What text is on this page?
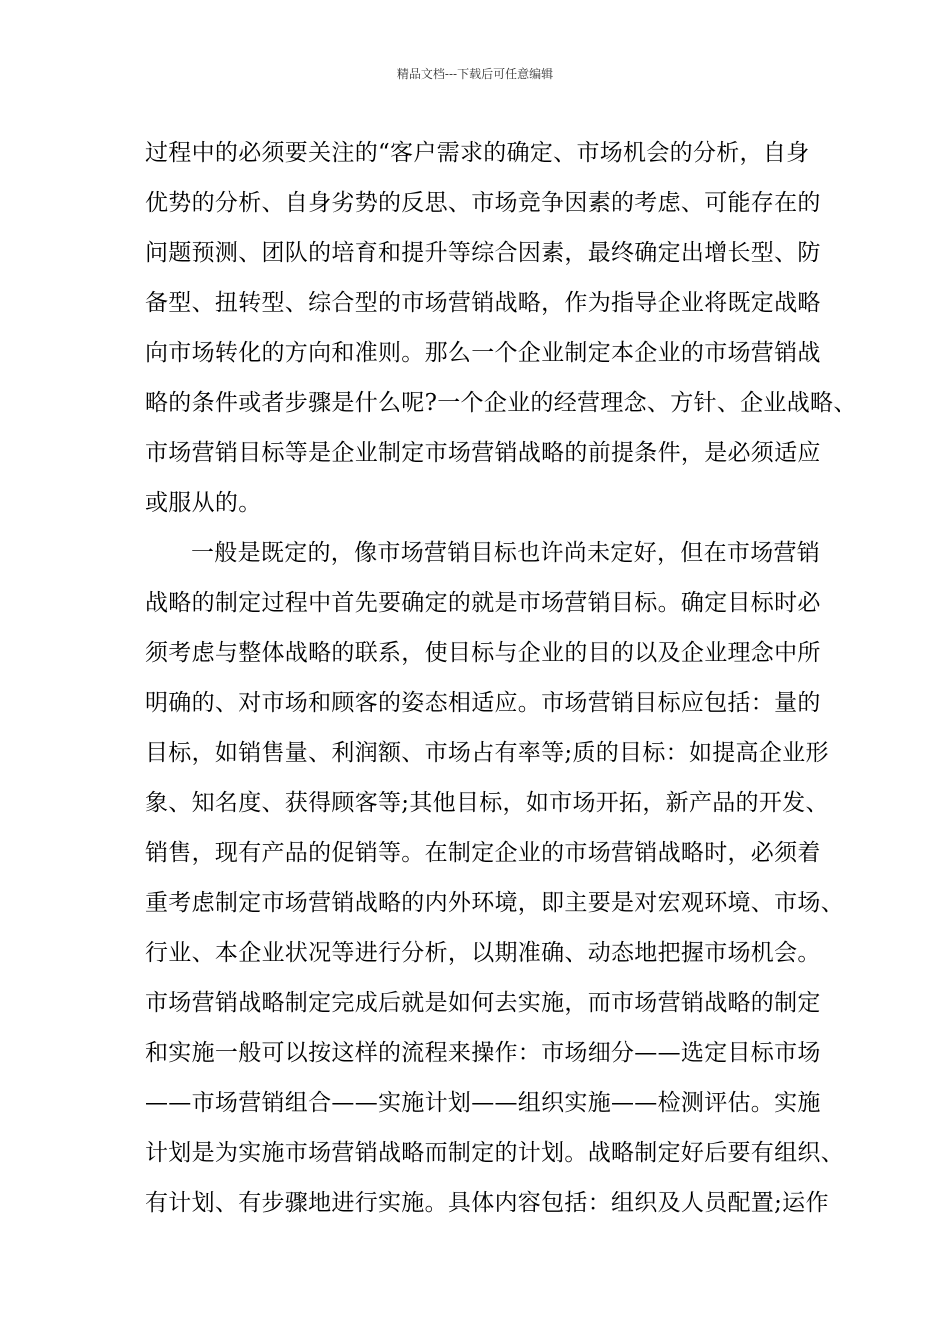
精品文档---下载后可任意编辑
过程中的必须要关注的“客户需求的确定、市场机会的分析，自身
优势的分析、自身劣势的反思、市场竞争因素的考虑、可能存在的
问题预测、团队的培育和提升等综合因素，最终确定出增长型、防
备型、扭转型、综合型的市场营销战略，作为指导企业将既定战略
向市场转化的方向和准则。那么一个企业制定本企业的市场营销战
略的条件或者步骤是什么呢?一个企业的经营理念、方针、企业战略、
市场营销目标等是企业制定市场营销战略的前提条件，是必须适应
或服从的。
一般是既定的，像市场营销目标也许尚未定好，但在市场营销
战略的制定过程中首先要确定的就是市场营销目标。确定目标时必
须考虑与整体战略的联系，使目标与企业的目的以及企业理念中所
明确的、对市场和顾客的姿态相适应。市场营销目标应包括：量的
目标，如销售量、利润额、市场占有率等;质的目标：如提高企业形
象、知名度、获得顾客等;其他目标，如市场开拓，新产品的开发、
销售，现有产品的促销等。在制定企业的市场营销战略时，必须着
重考虑制定市场营销战略的内外环境，即主要是对宏观环境、市场、
行业、本企业状况等进行分析，以期准确、动态地把握市场机会。
市场营销战略制定完成后就是如何去实施，而市场营销战略的制定
和实施一般可以按这样的流程来操作：市场细分——选定目标市场
——市场营销组合——实施计划——组织实施——检测评估。实施
计划是为实施市场营销战略而制定的计划。战略制定好后要有组织、
有计划、有步骤地进行实施。具体内容包括：组织及人员配置;运作
